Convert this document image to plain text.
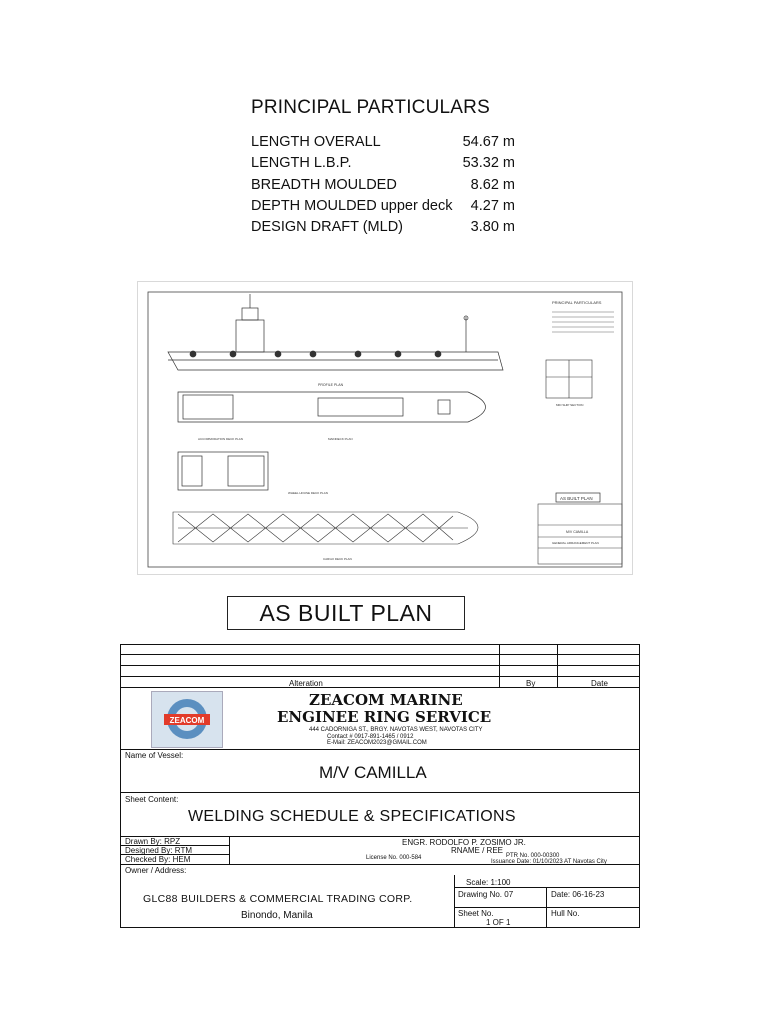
PRINCIPAL PARTICULARS
LENGTH OVERALL	54.67 m
LENGTH L.B.P.	53.32 m
BREADTH MOULDED	8.62 m
DEPTH MOULDED upper deck 4.27 m
DESIGN DRAFT (MLD)	3.80 m
PROFILE PLAN
ACCOMMODATION DECK PLAN	MAINDECK PLAN
WHEEL HOUSE DECK PLAN
CARGO DECK PLAN
MID SHIP SECTION
PRINCIPAL PARTICULARS
AS BUILT PLAN
M/V CAMILLA
GENERAL ARRANGEMENT PLAN
AS BUILT PLAN
Alteration	By	Date
ZEACOM
ZEACOM MARINE
ENGINEE RING SERVICE
444 CADORNIGA ST., BRGY. NAVOTAS WEST, NAVOTAS CITY
Contact # 0917-891-1465 / 0912
E-Mail: ZEACOM2023@GMAIL.COM
Name of Vessel:
M/V CAMILLA
Sheet Content:
WELDING SCHEDULE & SPECIFICATIONS
Drawn By: RPZ
Designed By: RTM
Checked By: HEM
ENGR. RODOLFO P. ZOSIMO JR.
RNAME / REE
License No. 000-584	PTR No. 000-00300
Issuance Date: 01/10/2023 AT Navotas City
Owner / Address:
GLC88 BUILDERS & COMMERCIAL TRADING CORP.
Binondo, Manila
Scale: 1:100
Drawing No. 07	Date: 06-16-23
Sheet No.
1 OF 1
Hull No.
